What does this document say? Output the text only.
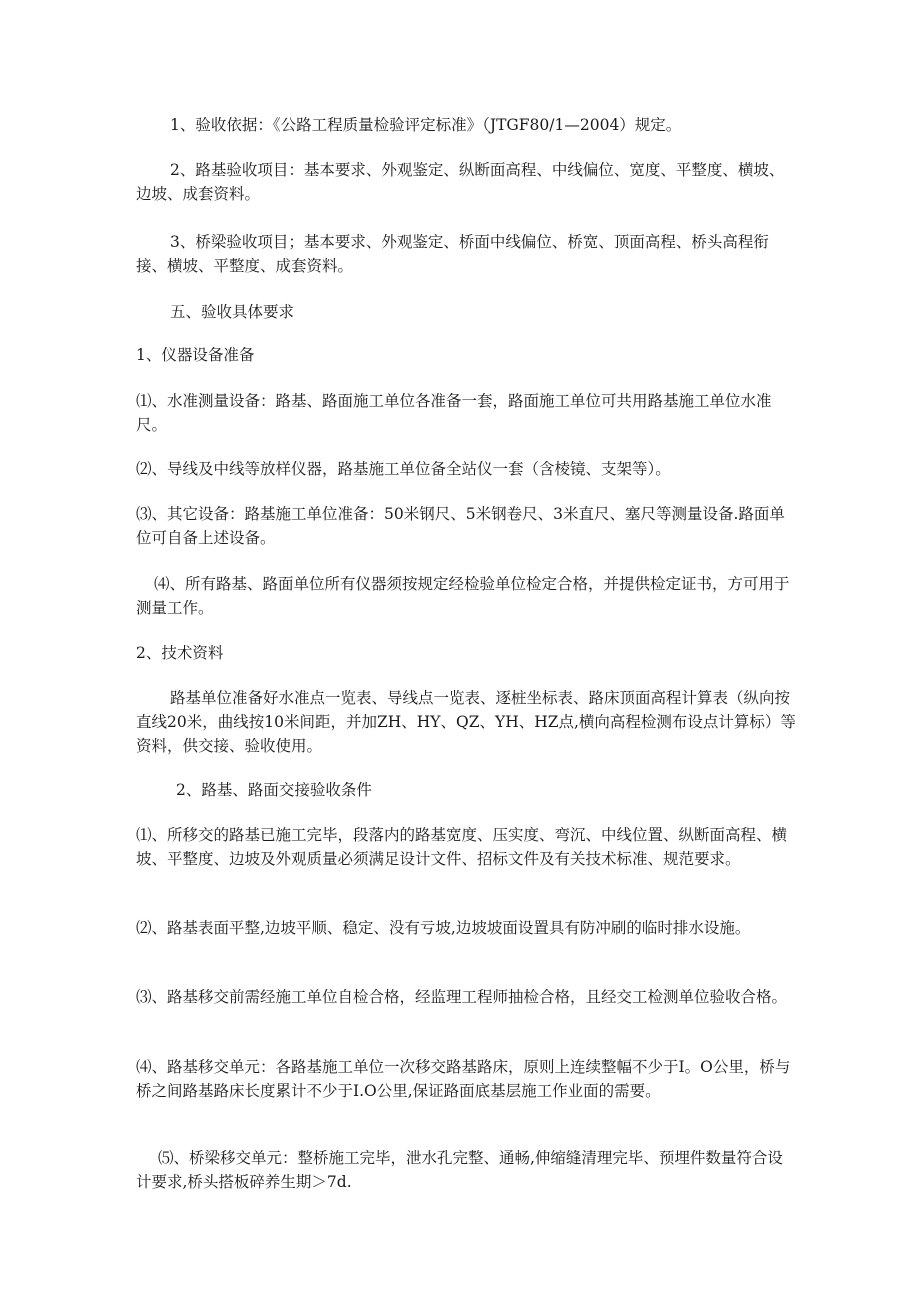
1、验收依据：《公路工程质量检验评定标准》（JTGF80/1—2004）规定。

2、路基验收项目：基本要求、外观鉴定、纵断面高程、中线偏位、宽度、平整度、横坡、边坡、成套资料。

3、桥梁验收项目；基本要求、外观鉴定、桥面中线偏位、桥宽、顶面高程、桥头高程衔接、横坡、平整度、成套资料。

五、验收具体要求

1、仪器设备准备

⑴、水准测量设备：路基、路面施工单位各准备一套，路面施工单位可共用路基施工单位水准尺。

⑵、导线及中线等放样仪器，路基施工单位备全站仪一套（含棱镜、支架等）。

⑶、其它设备：路基施工单位准备：50米钢尺、5米钢卷尺、3米直尺、塞尺等测量设备.路面单位可自备上述设备。

⑷、所有路基、路面单位所有仪器须按规定经检验单位检定合格，并提供检定证书，方可用于测量工作。

2、技术资料

路基单位准备好水准点一览表、导线点一览表、逐桩坐标表、路床顶面高程计算表（纵向按直线20米，曲线按10米间距，并加ZH、HY、QZ、YH、HZ点,横向高程检测布设点计算标）等资料，供交接、验收使用。

2、路基、路面交接验收条件

⑴、所移交的路基已施工完毕，段落内的路基宽度、压实度、弯沉、中线位置、纵断面高程、横坡、平整度、边坡及外观质量必须满足设计文件、招标文件及有关技术标准、规范要求。

⑵、路基表面平整,边坡平顺、稳定、没有亏坡,边坡坡面设置具有防冲刷的临时排水设施。

⑶、路基移交前需经施工单位自检合格，经监理工程师抽检合格，且经交工检测单位验收合格。

⑷、路基移交单元：各路基施工单位一次移交路基路床，原则上连续整幅不少于I。O公里，桥与桥之间路基路床长度累计不少于I.O公里,保证路面底基层施工作业面的需要。

⑸、桥梁移交单元：整桥施工完毕，泄水孔完整、通畅,伸缩缝清理完毕、预埋件数量符合设计要求,桥头搭板碎养生期＞7d.
